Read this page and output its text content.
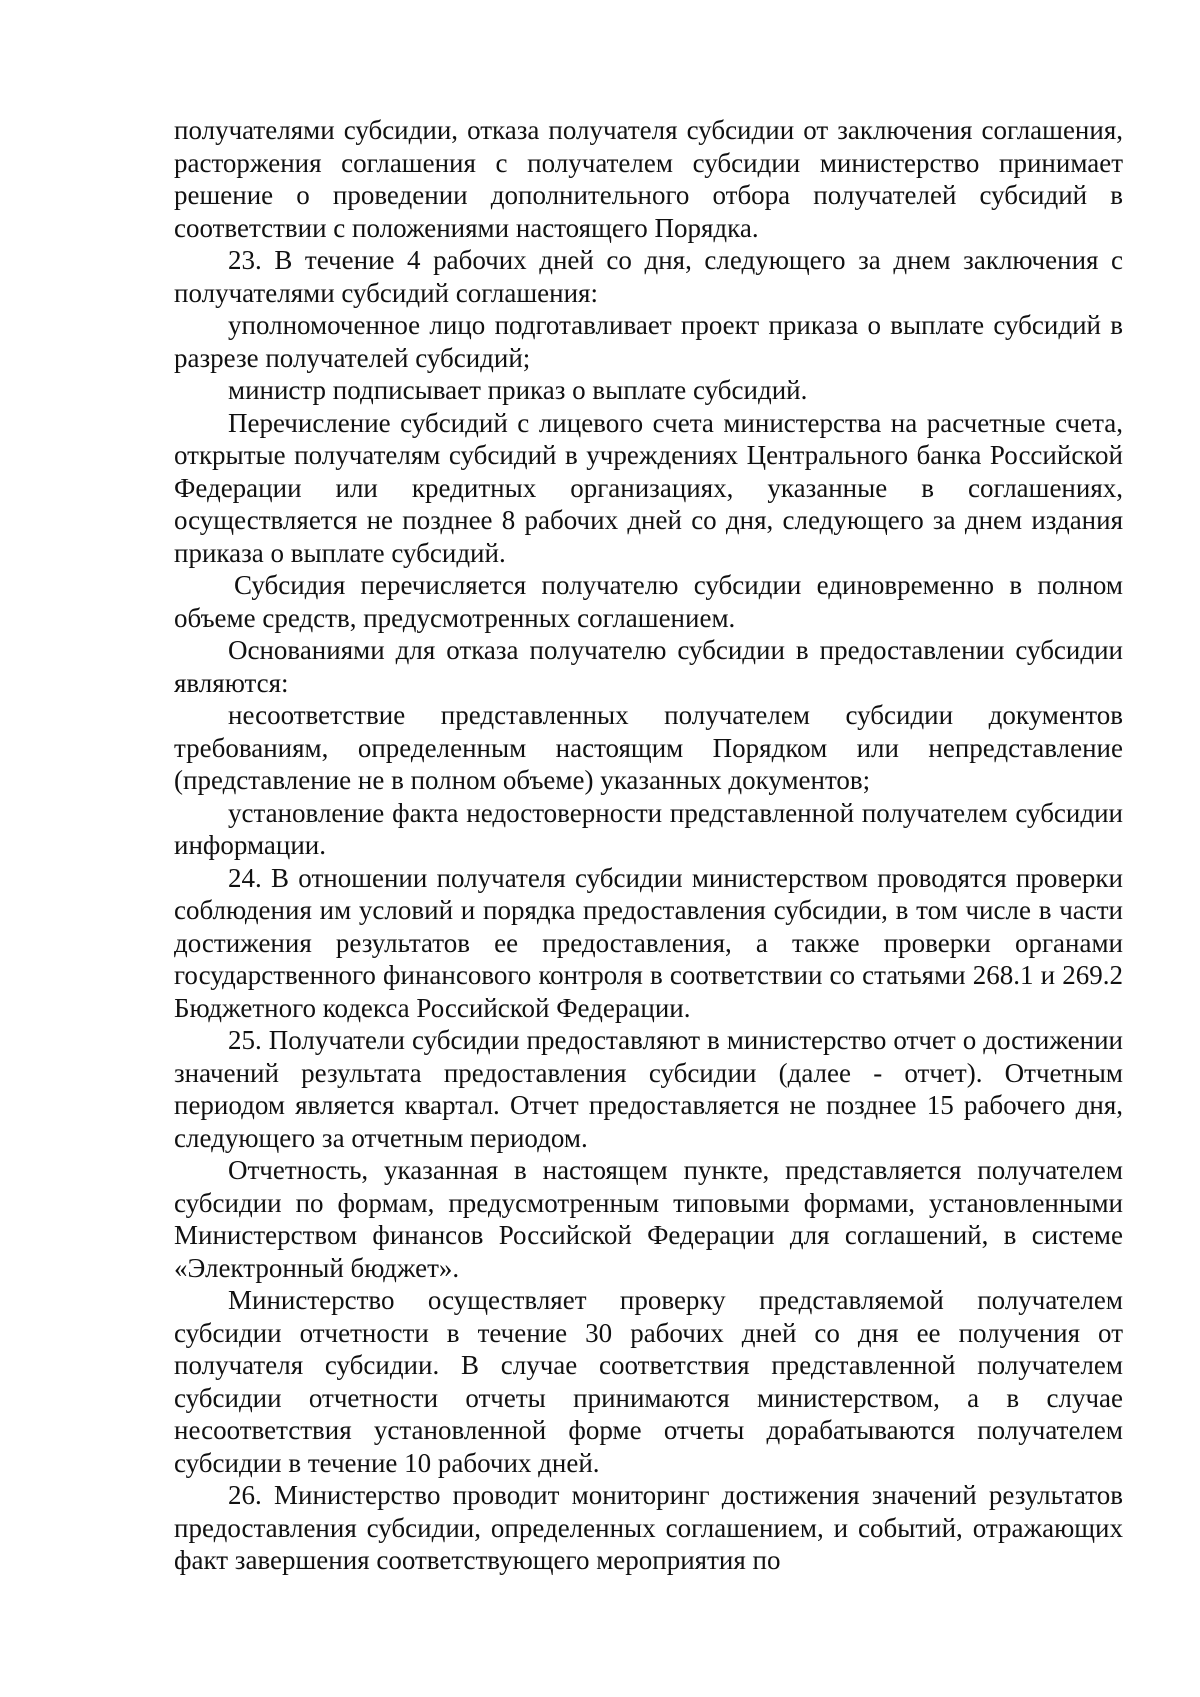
получателями субсидии, отказа получателя субсидии от заключения соглашения, расторжения соглашения с получателем субсидии министерство принимает решение о проведении дополнительного отбора получателей субсидий в соответствии с положениями настоящего Порядка.

23. В течение 4 рабочих дней со дня, следующего за днем заключения с получателями субсидий соглашения:

уполномоченное лицо подготавливает проект приказа о выплате субсидий в разрезе получателей субсидий;

министр подписывает приказ о выплате субсидий.

Перечисление субсидий с лицевого счета министерства на расчетные счета, открытые получателям субсидий в учреждениях Центрального банка Российской Федерации или кредитных организациях, указанные в соглашениях, осуществляется не позднее 8 рабочих дней со дня, следующего за днем издания приказа о выплате субсидий.

Субсидия перечисляется получателю субсидии единовременно в полном объеме средств, предусмотренных соглашением.

Основаниями для отказа получателю субсидии в предоставлении субсидии являются:

несоответствие представленных получателем субсидии документов требованиям, определенным настоящим Порядком или непредставление (представление не в полном объеме) указанных документов;

установление факта недостоверности представленной получателем субсидии информации.

24. В отношении получателя субсидии министерством проводятся проверки соблюдения им условий и порядка предоставления субсидии, в том числе в части достижения результатов ее предоставления, а также проверки органами государственного финансового контроля в соответствии со статьями 268.1 и 269.2 Бюджетного кодекса Российской Федерации.

25. Получатели субсидии предоставляют в министерство отчет о достижении значений результата предоставления субсидии (далее - отчет). Отчетным периодом является квартал. Отчет предоставляется не позднее 15 рабочего дня, следующего за отчетным периодом.

Отчетность, указанная в настоящем пункте, представляется получателем субсидии по формам, предусмотренным типовыми формами, установленными Министерством финансов Российской Федерации для соглашений, в системе «Электронный бюджет».

Министерство осуществляет проверку представляемой получателем субсидии отчетности в течение 30 рабочих дней со дня ее получения от получателя субсидии. В случае соответствия представленной получателем субсидии отчетности отчеты принимаются министерством, а в случае несоответствия установленной форме отчеты дорабатываются получателем субсидии в течение 10 рабочих дней.

26. Министерство проводит мониторинг достижения значений результатов предоставления субсидии, определенных соглашением, и событий, отражающих факт завершения соответствующего мероприятия по
